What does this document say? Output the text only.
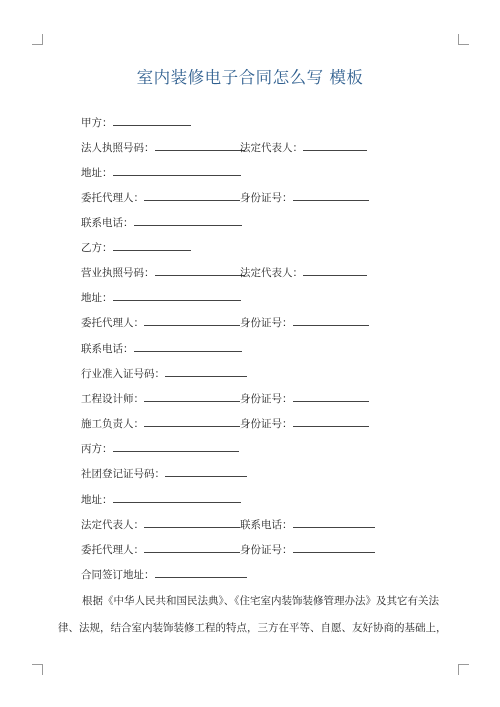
室内装修电子合同怎么写 模板
甲方：
法人执照号码：	法定代表人：
地址：
委托代理人：	身份证号：
联系电话：
乙方：
营业执照号码：	法定代表人：
地址：
委托代理人：	身份证号：
联系电话：
行业准入证号码：
工程设计师：	身份证号：
施工负责人：	身份证号：
丙方：
社团登记证号码：
地址：
法定代表人：	联系电话：
委托代理人：	身份证号：
合同签订地址：
根据《中华人民共和国民法典》、《住宅室内装饰装修管理办法》及其它有关法
律、法规，结合室内装饰装修工程的特点，三方在平等、自愿、友好协商的基础上，
